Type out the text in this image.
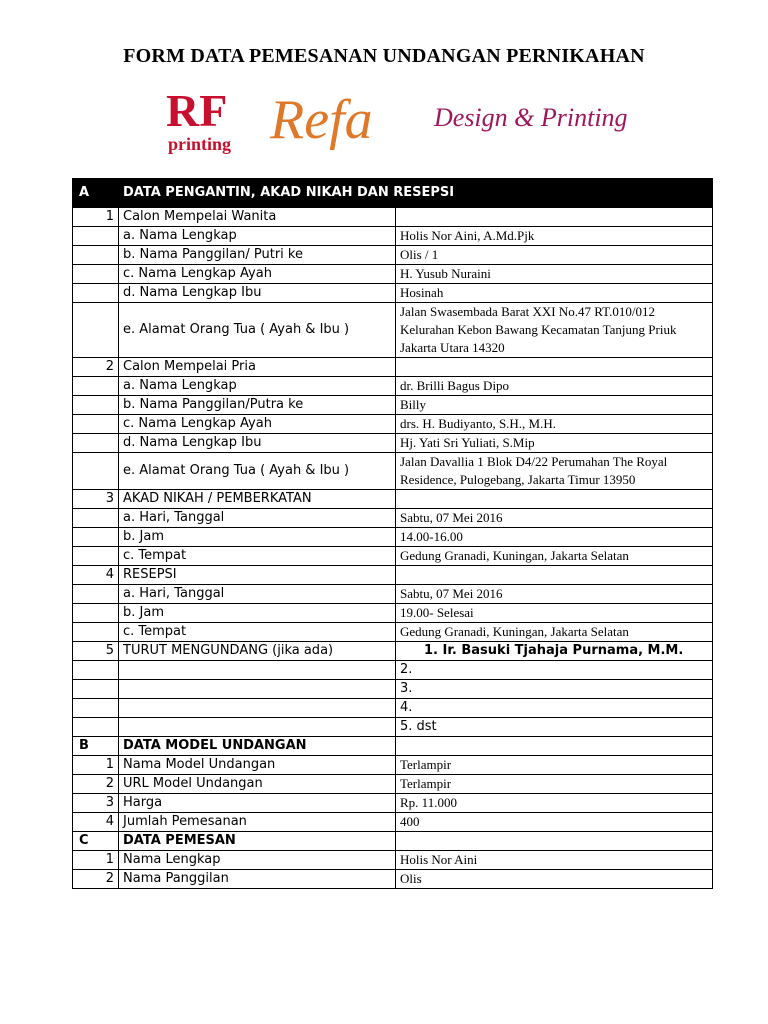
FORM DATA PEMESANAN UNDANGAN PERNIKAHAN
RF
printing Refa Design & Printing
A	DATA PENGANTIN, AKAD NIKAH DAN RESEPSI	
1	Calon Mempelai Wanita	
	a. Nama Lengkap	Holis Nor Aini, A.Md.Pjk
	b. Nama Panggilan/ Putri ke	Olis / 1
	c. Nama Lengkap Ayah	H. Yusub Nuraini
	d. Nama Lengkap Ibu	Hosinah
	e. Alamat Orang Tua ( Ayah & Ibu )	Jalan Swasembada Barat XXI No.47 RT.010/012 Kelurahan Kebon Bawang Kecamatan Tanjung Priuk Jakarta Utara 14320
2	Calon Mempelai Pria	
	a. Nama Lengkap	dr. Brilli Bagus Dipo
	b. Nama Panggilan/Putra ke	Billy
	c. Nama Lengkap Ayah	drs. H. Budiyanto, S.H., M.H.
	d. Nama Lengkap Ibu	Hj. Yati Sri Yuliati, S.Mip
	e. Alamat Orang Tua ( Ayah & Ibu )	Jalan Davallia 1 Blok D4/22 Perumahan The Royal Residence, Pulogebang, Jakarta Timur 13950
3	AKAD NIKAH / PEMBERKATAN	
	a. Hari, Tanggal	Sabtu, 07 Mei 2016
	b. Jam	14.00-16.00
	c. Tempat	Gedung Granadi, Kuningan, Jakarta Selatan
4	RESEPSI	
	a. Hari, Tanggal	Sabtu, 07 Mei 2016
	b. Jam	19.00- Selesai
	c. Tempat	Gedung Granadi, Kuningan, Jakarta Selatan
5	TURUT MENGUNDANG (jika ada)	1. Ir. Basuki Tjahaja Purnama, M.M.
		2.
		3.
		4.
		5. dst
B	DATA MODEL UNDANGAN	
1	Nama Model Undangan	Terlampir
2	URL Model Undangan	Terlampir
3	Harga	Rp. 11.000
4	Jumlah Pemesanan	400
C	DATA PEMESAN	
1	Nama Lengkap	Holis Nor Aini
2	Nama Panggilan	Olis
